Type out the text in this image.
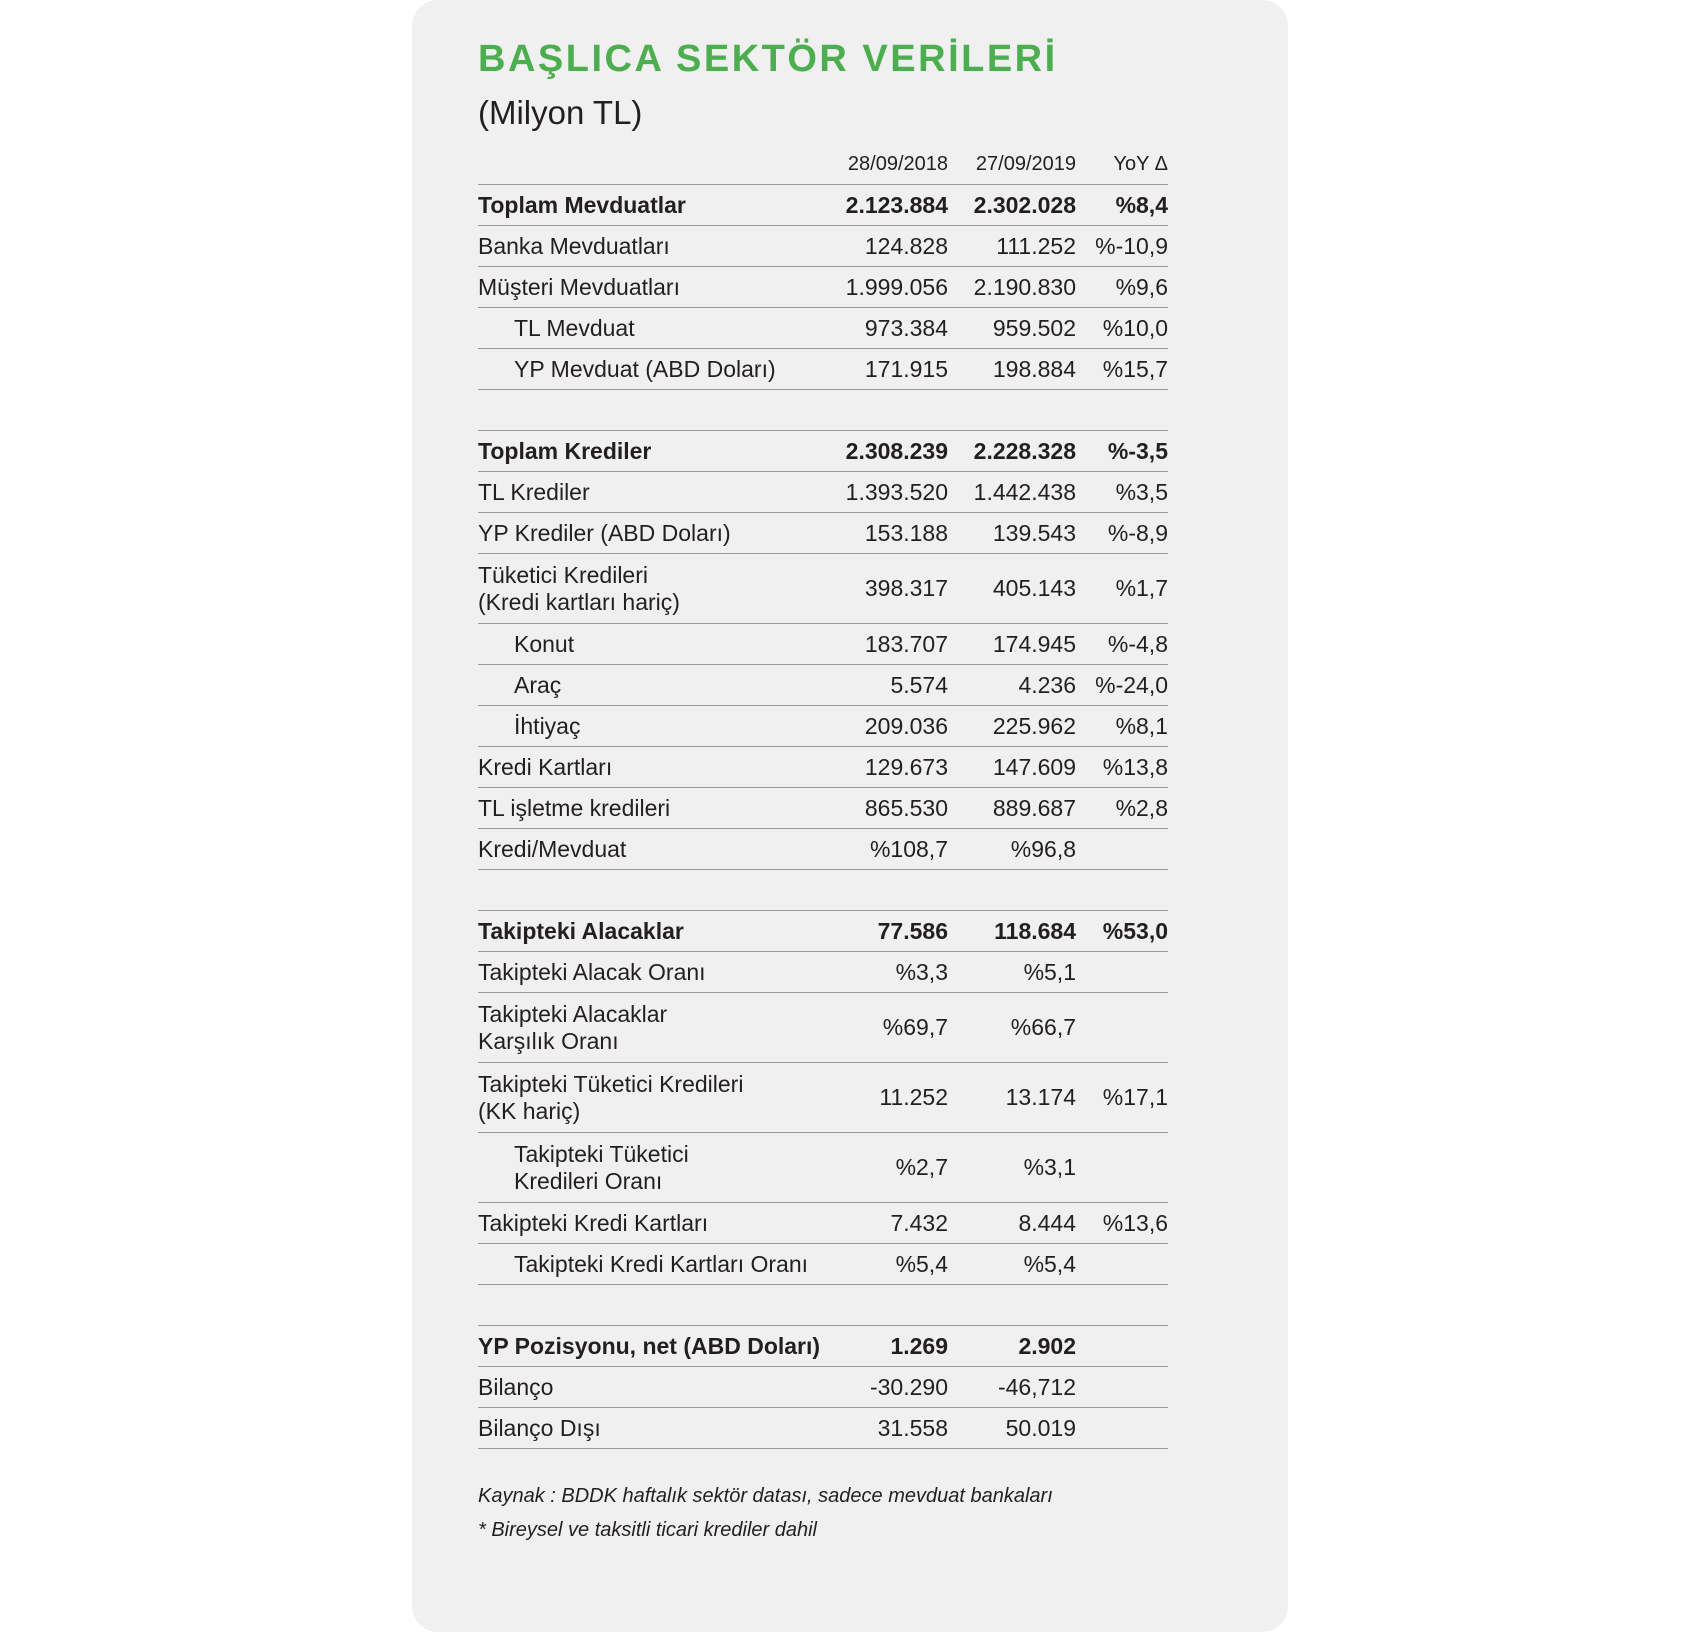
BAŞLICA SEKTÖR VERİLERİ
(Milyon TL)
28/09/2018	27/09/2019	YoY Δ
Toplam Mevduatlar	2.123.884	2.302.028	%8,4
Banka Mevduatları	124.828	111.252 %-10,9
Müşteri Mevduatları	1.999.056	2.190.830	%9,6
TL Mevduat	973.384	959.502	%10,0
YP Mevduat (ABD Doları)	171.915	198.884	%15,7
Toplam Krediler	2.308.239	2.228.328	%-3,5
TL Krediler	1.393.520	1.442.438	%3,5
YP Krediler (ABD Doları)	153.188	139.543	%-8,9
Tüketici Kredileri
(Kredi kartları hariç)
398.317	405.143	%1,7
Konut	183.707	174.945	%-4,8
Araç	5.574	4.236 %-24,0
İhtiyaç	209.036	225.962	%8,1
Kredi Kartları	129.673	147.609	%13,8
TL işletme kredileri	865.530	889.687	%2,8
Kredi/Mevduat	%108,7	%96,8
Takipteki Alacaklar	77.586	118.684	%53,0
Takipteki Alacak Oranı	%3,3	%5,1
Takipteki Alacaklar
Karşılık Oranı
%69,7	%66,7
Takipteki Tüketici Kredileri
(KK hariç)
11.252	13.174	%17,1
Takipteki Tüketici
Kredileri Oranı
%2,7	%3,1
Takipteki Kredi Kartları	7.432	8.444	%13,6
Takipteki Kredi Kartları Oranı	%5,4	%5,4
YP Pozisyonu, net (ABD Doları)	1.269	2.902
Bilanço	-30.290	-46,712
Bilanço Dışı	31.558	50.019
Kaynak : BDDK haftalık sektör datası, sadece mevduat bankaları
* Bireysel ve taksitli ticari krediler dahil
